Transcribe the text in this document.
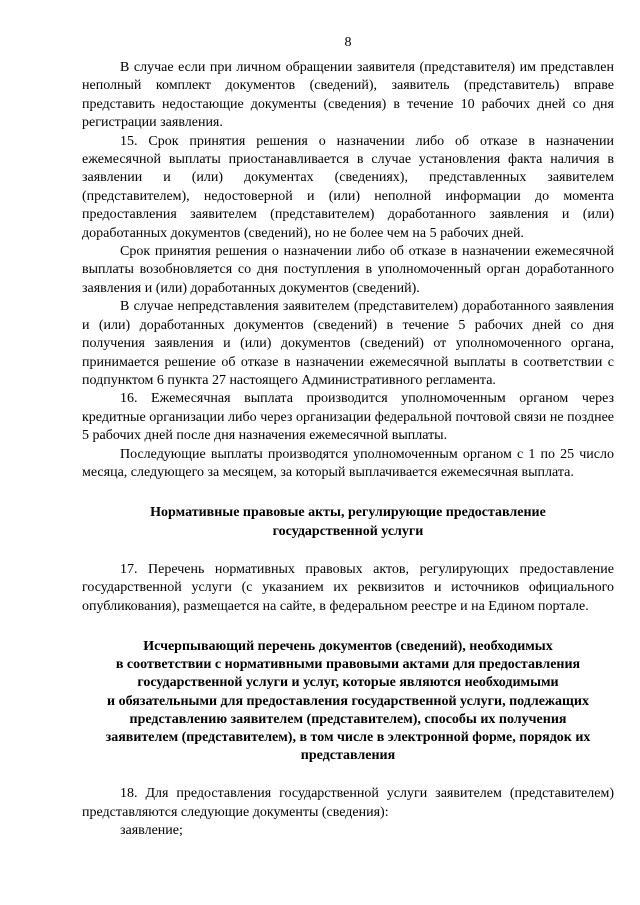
8

В случае если при личном обращении заявителя (представителя) им представлен неполный комплект документов (сведений), заявитель (представитель) вправе представить недостающие документы (сведения) в течение 10 рабочих дней со дня регистрации заявления.

15. Срок принятия решения о назначении либо об отказе в назначении ежемесячной выплаты приостанавливается в случае установления факта наличия в заявлении и (или) документах (сведениях), представленных заявителем (представителем), недостоверной и (или) неполной информации до момента предоставления заявителем (представителем) доработанного заявления и (или) доработанных документов (сведений), но не более чем на 5 рабочих дней.

Срок принятия решения о назначении либо об отказе в назначении ежемесячной выплаты возобновляется со дня поступления в уполномоченный орган доработанного заявления и (или) доработанных документов (сведений).

В случае непредставления заявителем (представителем) доработанного заявления и (или) доработанных документов (сведений) в течение 5 рабочих дней со дня получения заявления и (или) документов (сведений) от уполномоченного органа, принимается решение об отказе в назначении ежемесячной выплаты в соответствии с подпунктом 6 пункта 27 настоящего Административного регламента.

16. Ежемесячная выплата производится уполномоченным органом через кредитные организации либо через организации федеральной почтовой связи не позднее 5 рабочих дней после дня назначения ежемесячной выплаты.

Последующие выплаты производятся уполномоченным органом с 1 по 25 число месяца, следующего за месяцем, за который выплачивается ежемесячная выплата.

Нормативные правовые акты, регулирующие предоставление
государственной услуги

17. Перечень нормативных правовых актов, регулирующих предоставление государственной услуги (с указанием их реквизитов и источников официального опубликования), размещается на сайте, в федеральном реестре и на Едином портале.

Исчерпывающий перечень документов (сведений), необходимых
в соответствии с нормативными правовыми актами для предоставления
государственной услуги и услуг, которые являются необходимыми
и обязательными для предоставления государственной услуги, подлежащих
представлению заявителем (представителем), способы их получения
заявителем (представителем), в том числе в электронной форме, порядок их
представления

18. Для предоставления государственной услуги заявителем (представителем) представляются следующие документы (сведения):

заявление;
